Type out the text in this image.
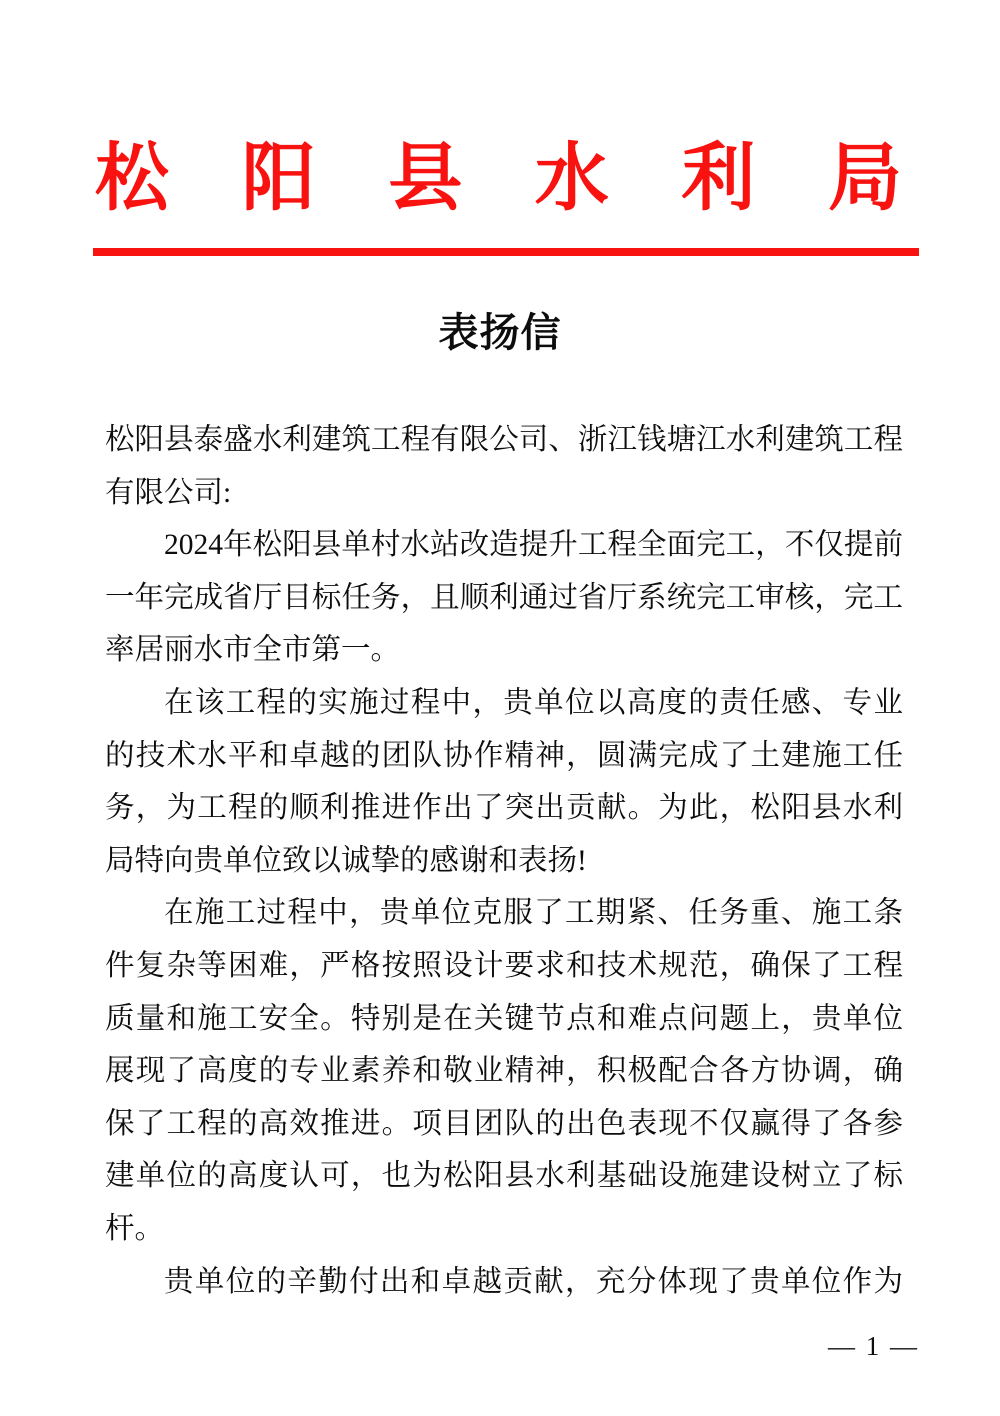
松 阳 县 水 利 局
表扬信
松阳县泰盛水利建筑工程有限公司、浙江钱塘江水利建筑工程
有限公司:
2024年松阳县单村水站改造提升工程全面完工，不仅提前
一年完成省厅目标任务，且顺利通过省厅系统完工审核，完工
率居丽水市全市第一。
在该工程的实施过程中，贵单位以高度的责任感、专业
的技术水平和卓越的团队协作精神，圆满完成了土建施工任
务，为工程的顺利推进作出了突出贡献。为此，松阳县水利
局特向贵单位致以诚挚的感谢和表扬!
在施工过程中，贵单位克服了工期紧、任务重、施工条
件复杂等困难，严格按照设计要求和技术规范，确保了工程
质量和施工安全。特别是在关键节点和难点问题上，贵单位
展现了高度的专业素养和敬业精神，积极配合各方协调，确
保了工程的高效推进。项目团队的出色表现不仅赢得了各参
建单位的高度认可，也为松阳县水利基础设施建设树立了标
杆。
贵单位的辛勤付出和卓越贡献，充分体现了贵单位作为
— 1 —
